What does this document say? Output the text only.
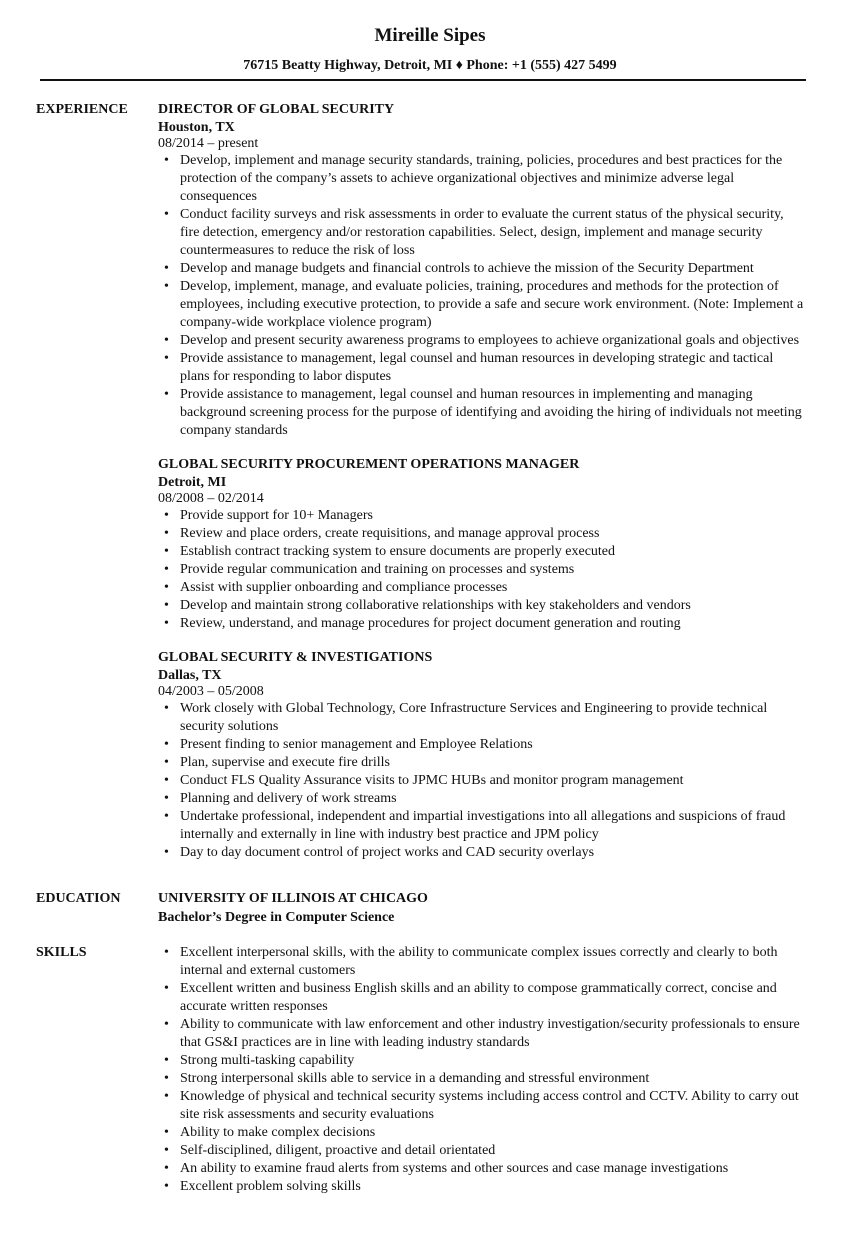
Mireille Sipes
76715 Beatty Highway, Detroit, MI ♦ Phone: +1 (555) 427 5499
EXPERIENCE	DIRECTOR OF GLOBAL SECURITY
Houston, TX
08/2014 – present
• Develop, implement and manage security standards, training, policies, procedures and best practices for the protection of the company’s assets to achieve organizational objectives and minimize adverse legal consequences
• Conduct facility surveys and risk assessments in order to evaluate the current status of the physical security, fire detection, emergency and/or restoration capabilities. Select, design, implement and manage security countermeasures to reduce the risk of loss
• Develop and manage budgets and financial controls to achieve the mission of the Security Department
• Develop, implement, manage, and evaluate policies, training, procedures and methods for the protection of employees, including executive protection, to provide a safe and secure work environment. (Note: Implement a company-wide workplace violence program)
• Develop and present security awareness programs to employees to achieve organizational goals and objectives
• Provide assistance to management, legal counsel and human resources in developing strategic and tactical plans for responding to labor disputes
• Provide assistance to management, legal counsel and human resources in implementing and managing background screening process for the purpose of identifying and avoiding the hiring of individuals not meeting company standards
GLOBAL SECURITY PROCUREMENT OPERATIONS MANAGER
Detroit, MI
08/2008 – 02/2014
• Provide support for 10+ Managers
• Review and place orders, create requisitions, and manage approval process
• Establish contract tracking system to ensure documents are properly executed
• Provide regular communication and training on processes and systems
• Assist with supplier onboarding and compliance processes
• Develop and maintain strong collaborative relationships with key stakeholders and vendors
• Review, understand, and manage procedures for project document generation and routing
GLOBAL SECURITY & INVESTIGATIONS
Dallas, TX
04/2003 – 05/2008
• Work closely with Global Technology, Core Infrastructure Services and Engineering to provide technical security solutions
• Present finding to senior management and Employee Relations
• Plan, supervise and execute fire drills
• Conduct FLS Quality Assurance visits to JPMC HUBs and monitor program management
• Planning and delivery of work streams
• Undertake professional, independent and impartial investigations into all allegations and suspicions of fraud internally and externally in line with industry best practice and JPM policy
• Day to day document control of project works and CAD security overlays
EDUCATION	UNIVERSITY OF ILLINOIS AT CHICAGO
Bachelor’s Degree in Computer Science
SKILLS
•	Excellent interpersonal skills, with the ability to communicate complex issues correctly and clearly to both internal and external customers
• Excellent written and business English skills and an ability to compose grammatically correct, concise and accurate written responses
• Ability to communicate with law enforcement and other industry investigation/security professionals to ensure that GS&I practices are in line with leading industry standards
• Strong multi-tasking capability
• Strong interpersonal skills able to service in a demanding and stressful environment
• Knowledge of physical and technical security systems including access control and CCTV. Ability to carry out site risk assessments and security evaluations
• Ability to make complex decisions
• Self-disciplined, diligent, proactive and detail orientated
• An ability to examine fraud alerts from systems and other sources and case manage investigations
• Excellent problem solving skills
